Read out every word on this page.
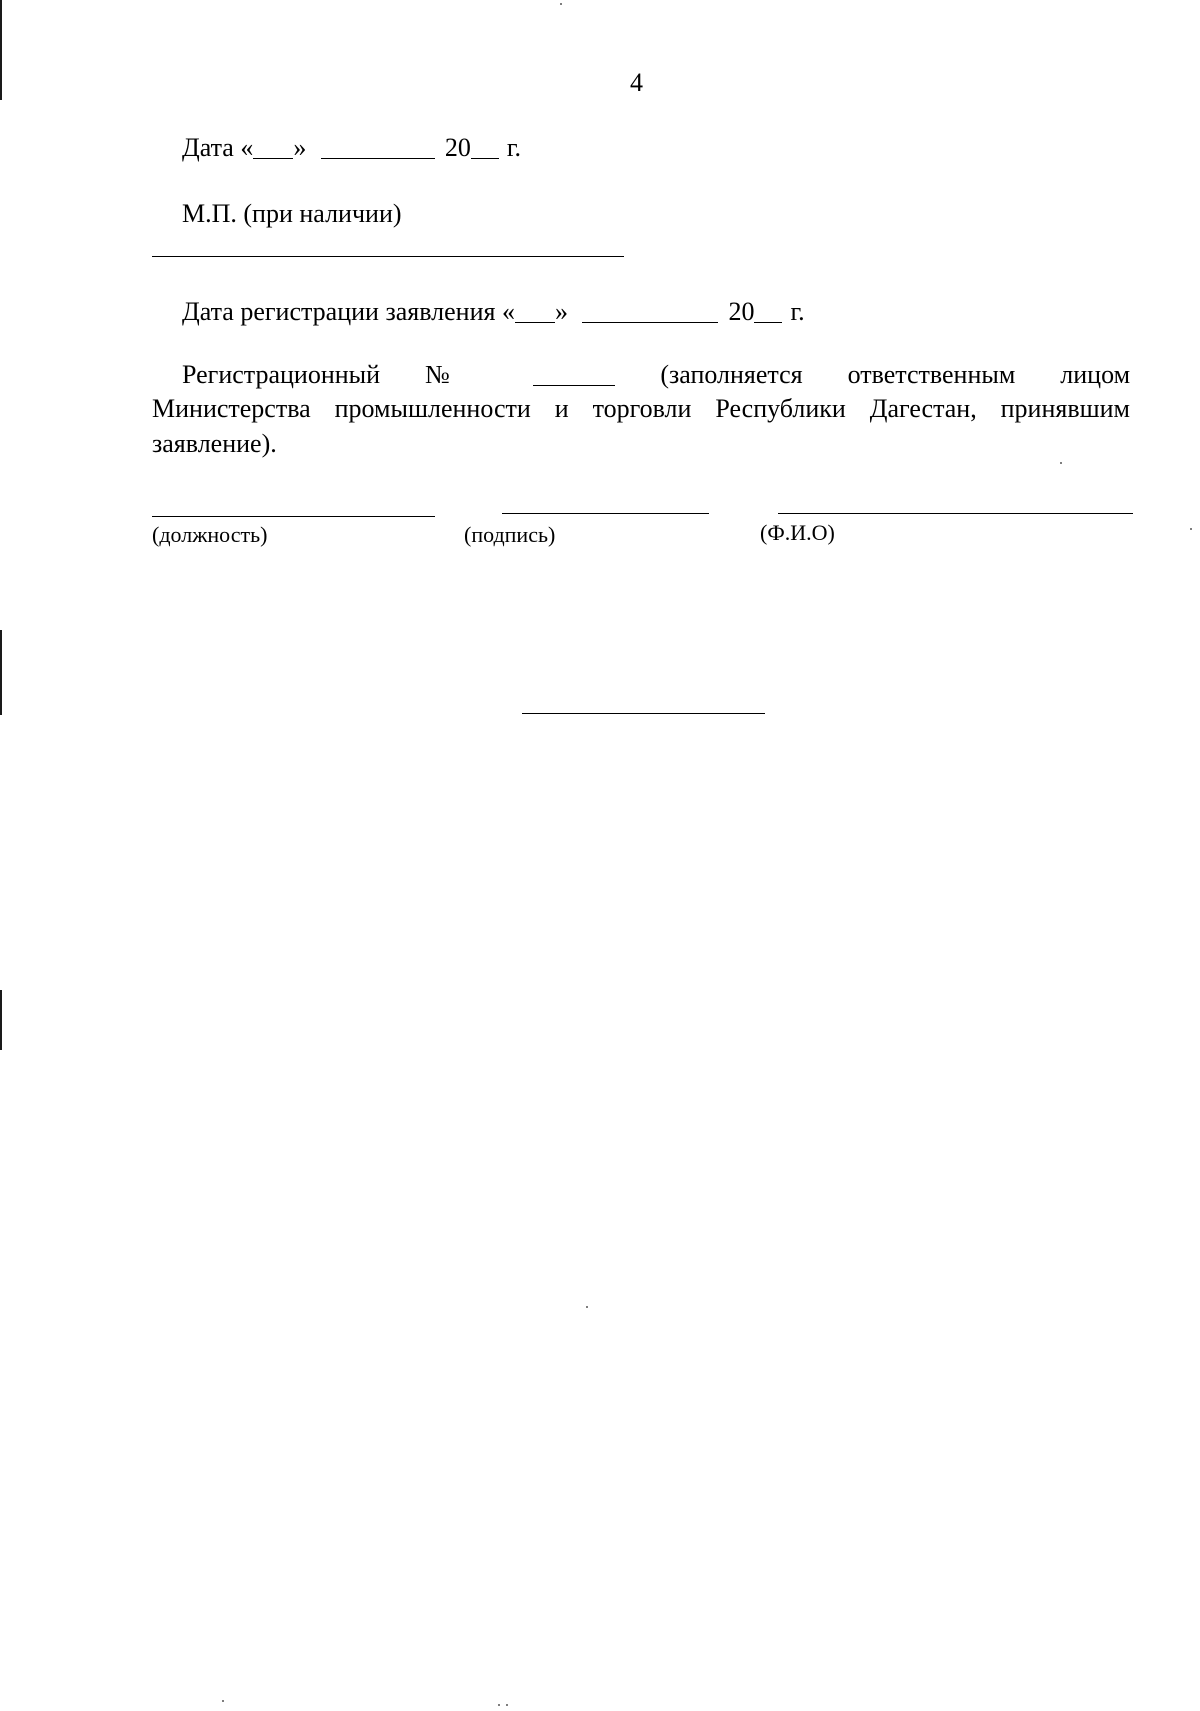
4
Дата « »	20 г.
М.П. (при наличии)
Дата регистрации заявления « »	20 г.
Регистрационный №	(заполняется ответственным лицом
Министерства промышленности и торговли Республики Дагестан, принявшим заявление).
(должность)	(подпись)	(Ф.И.О)
